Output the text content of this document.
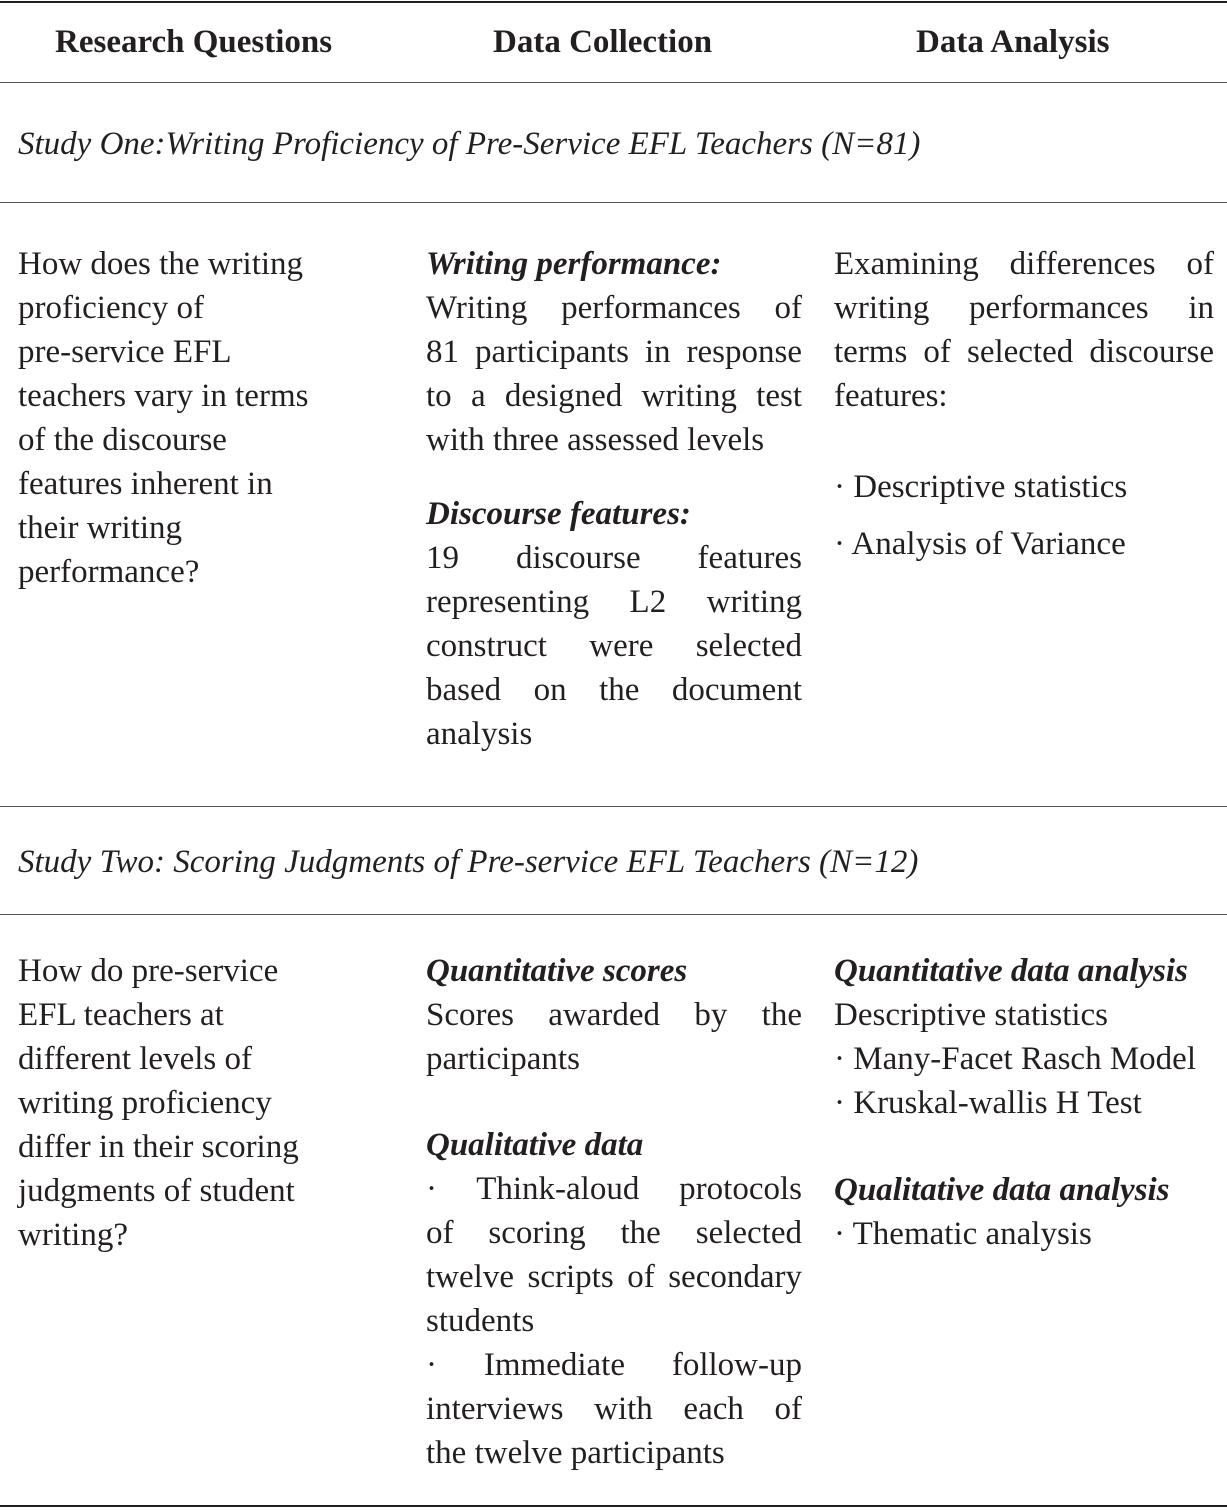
Research Questions	Data Collection	Data Analysis
Study One:Writing Proficiency of Pre-Service EFL Teachers (N=81)
How does the writing
proficiency of
pre-service EFL
teachers vary in terms
of the discourse
features inherent in
their writing
performance?
Writing performance:
Writing performances of
81 participants in response
to a designed writing test
with three assessed levels
Discourse features:
19 discourse features
representing L2 writing
construct were selected
based on the document
analysis
Examining differences of
writing performances in
terms of selected discourse
features:
· Descriptive statistics
· Analysis of Variance
Study Two: Scoring Judgments of Pre-service EFL Teachers (N=12)
How do pre-service
EFL teachers at
different levels of
writing proficiency
differ in their scoring
judgments of student
writing?
Quantitative scores
Scores awarded by the
participants
Qualitative data
· Think-aloud protocols
of scoring the selected
twelve scripts of secondary
students
· Immediate follow-up
interviews with each of
the twelve participants
Quantitative data analysis
Descriptive statistics
· Many-Facet Rasch Model
· Kruskal-wallis H Test
Qualitative data analysis
· Thematic analysis
